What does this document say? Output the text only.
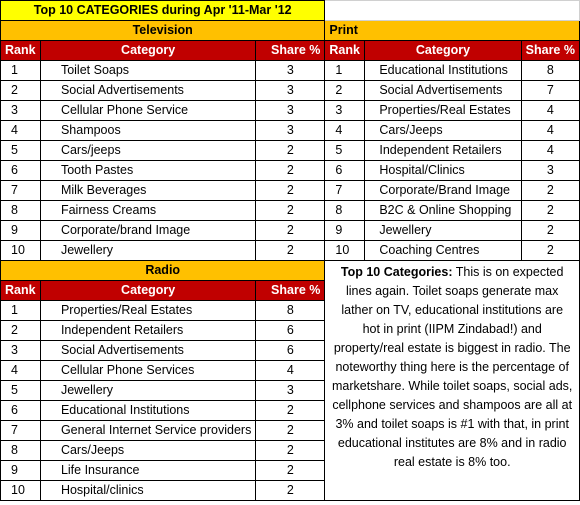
Top 10 CATEGORIES during Apr '11-Mar '12					
Television			Print		
Rank	Category	Share %	Rank	Category	Share %
1	Toilet Soaps	3	1	Educational Institutions	8
2	Social Advertisements	3	2	Social Advertisements	7
3	Cellular Phone Service	3	3	Properties/Real Estates	4
4	Shampoos	3	4	Cars/Jeeps	4
5	Cars/jeeps	2	5	Independent Retailers	4
6	Tooth Pastes	2	6	Hospital/Clinics	3
7	Milk Beverages	2	7	Corporate/Brand Image	2
8	Fairness Creams	2	8	B2C & Online Shopping	2
9	Corporate/brand Image	2	9	Jewellery	2
10	Jewellery	2	10	Coaching Centres	2
Radio			Top 10 Categories: This is on expected lines again. Toilet soaps generate max lather on TV, educational institutions are hot in print (IIPM Zindabad!) and property/real estate is biggest in radio. The noteworthy thing here is the percentage of marketshare. While toilet soaps, social ads, cellphone services and shampoos are all at 3% and toilet soaps is #1 with that, in print educational institutes are 8% and in radio real estate is 8% too.		
Rank	Category	Share %			
1	Properties/Real Estates	8			
2	Independent Retailers	6			
3	Social Advertisements	6			
4	Cellular Phone Services	4			
5	Jewellery	3			
6	Educational Institutions	2			
7	General Internet Service providers	2			
8	Cars/Jeeps	2			
9	Life Insurance	2			
10	Hospital/clinics	2			
